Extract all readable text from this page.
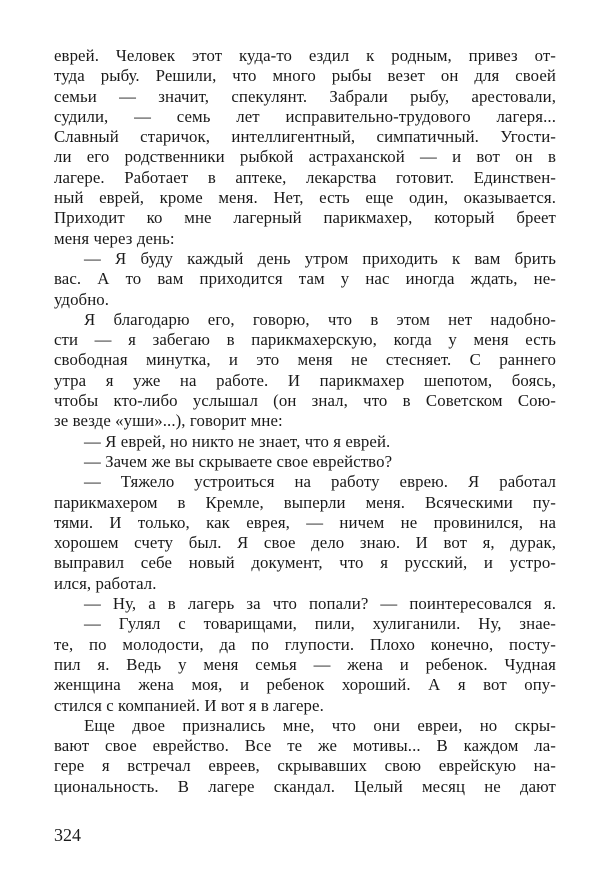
еврей. Человек этот куда-то ездил к родным, привез от-
туда рыбу. Решили, что много рыбы везет он для своей
семьи — значит, спекулянт. Забрали рыбу, арестовали,
судили, — семь лет исправительно-трудового лагеря...
Славный старичок, интеллигентный, симпатичный. Угости-
ли его родственники рыбкой астраханской — и вот он в
лагере. Работает в аптеке, лекарства готовит. Единствен-
ный еврей, кроме меня. Нет, есть еще один, оказывается.
Приходит ко мне лагерный парикмахер, который бреет
меня через день:
— Я буду каждый день утром приходить к вам брить
вас. А то вам приходится там у нас иногда ждать, не-
удобно.
Я благодарю его, говорю, что в этом нет надобно-
сти — я забегаю в парикмахерскую, когда у меня есть
свободная минутка, и это меня не стесняет. С раннего
утра я уже на работе. И парикмахер шепотом, боясь,
чтобы кто-либо услышал (он знал, что в Советском Сою-
зе везде «уши»...), говорит мне:
— Я еврей, но никто не знает, что я еврей.
— Зачем же вы скрываете свое еврейство?
— Тяжело устроиться на работу еврею. Я работал
парикмахером в Кремле, выперли меня. Всяческими пу-
тями. И только, как еврея, — ничем не провинился, на
хорошем счету был. Я свое дело знаю. И вот я, дурак,
выправил себе новый документ, что я русский, и устро-
ился, работал.
— Ну, а в лагерь за что попали? — поинтересовался я.
— Гулял с товарищами, пили, хулиганили. Ну, знае-
те, по молодости, да по глупости. Плохо конечно, посту-
пил я. Ведь у меня семья — жена и ребенок. Чудная
женщина жена моя, и ребенок хороший. А я вот опу-
стился с компанией. И вот я в лагере.
Еще двое признались мне, что они евреи, но скры-
вают свое еврейство. Все те же мотивы... В каждом ла-
гере я встречал евреев, скрывавших свою еврейскую на-
циональность. В лагере скандал. Целый месяц не дают
324
